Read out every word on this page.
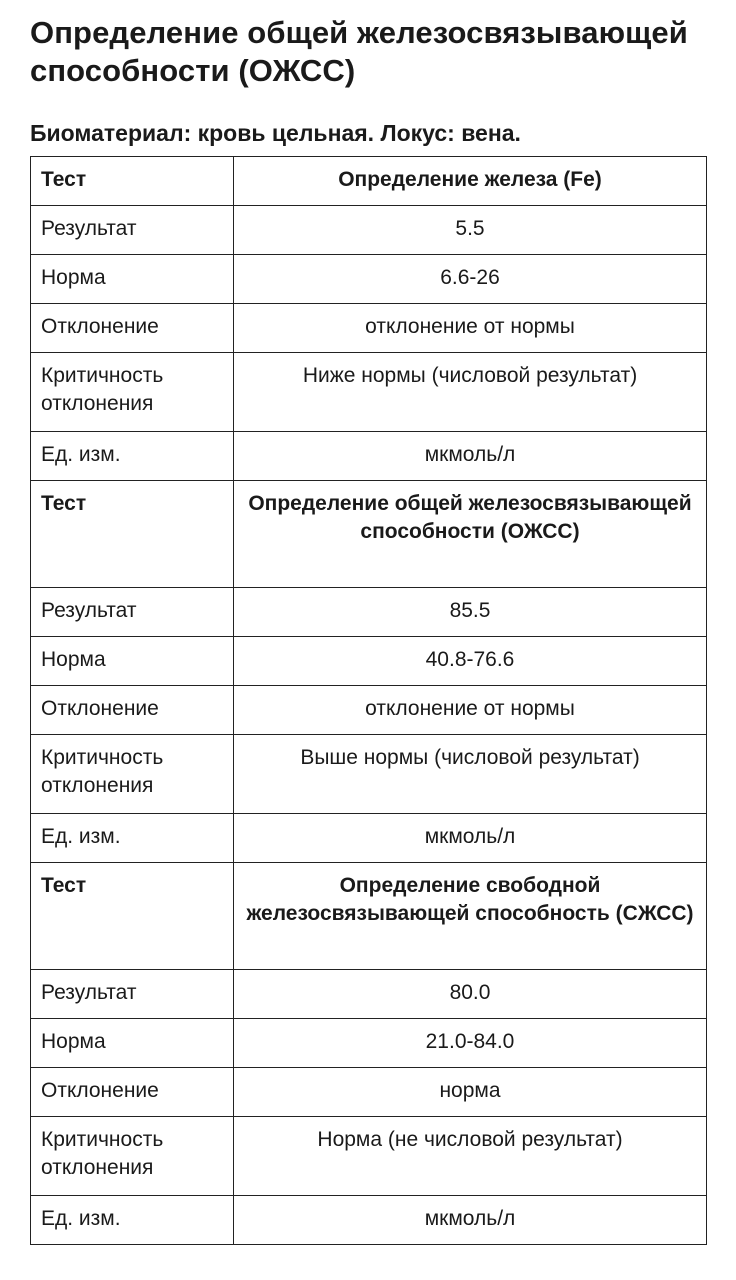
Определение общей железосвязывающей способности (ОЖСС)
Биоматериал: кровь цельная. Локус: вена.
Тест	Определение железа (Fe)
Результат	5.5
Норма	6.6-26
Отклонение	отклонение от нормы
Критичность отклонения	Ниже нормы (числовой результат)
Ед. изм.	мкмоль/л
Тест	Определение общей железосвязывающей способности (ОЖСС)
Результат	85.5
Норма	40.8-76.6
Отклонение	отклонение от нормы
Критичность отклонения	Выше нормы (числовой результат)
Ед. изм.	мкмоль/л
Тест	Определение свободной железосвязывающей способность (СЖСС)
Результат	80.0
Норма	21.0-84.0
Отклонение	норма
Критичность отклонения	Норма (не числовой результат)
Ед. изм.	мкмоль/л
